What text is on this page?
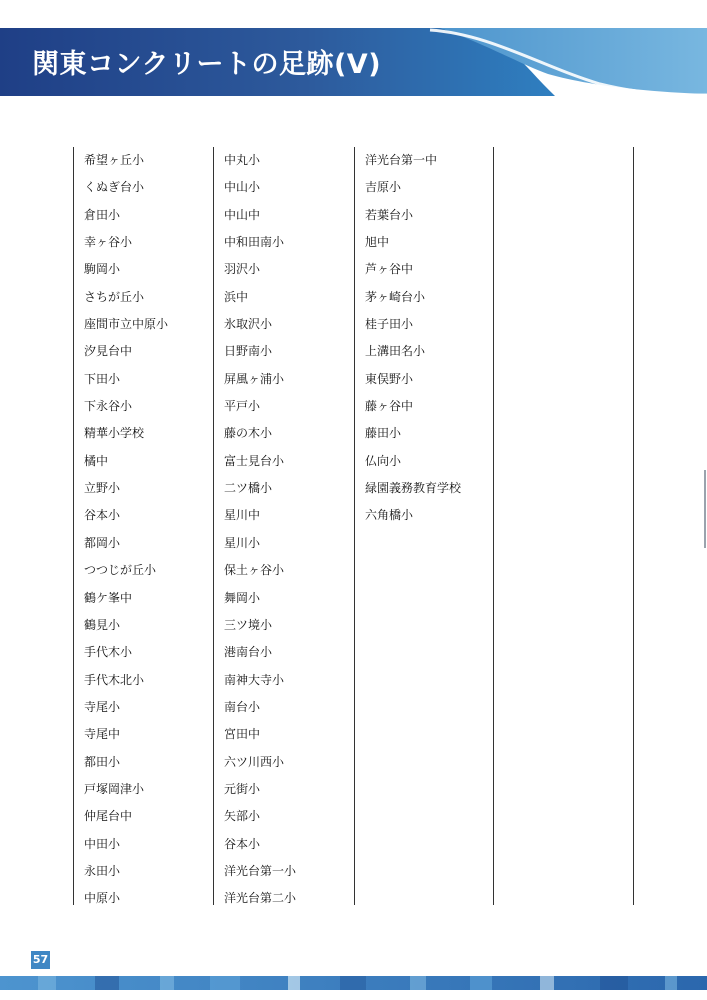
関東コンクリートの足跡(Ⅴ)
希望ヶ丘小
くぬぎ台小
倉田小
幸ヶ谷小
駒岡小
さちが丘小
座間市立中原小
汐見台中
下田小
下永谷小
精華小学校
橘中
立野小
谷本小
都岡小
つつじが丘小
鶴ケ峯中
鶴見小
手代木小
手代木北小
寺尾小
寺尾中
都田小
戸塚岡津小
仲尾台中
中田小
永田小
中原小
中丸小
中山小
中山中
中和田南小
羽沢小
浜中
氷取沢小
日野南小
屏風ヶ浦小
平戸小
藤の木小
富士見台小
二ツ橋小
星川中
星川小
保土ヶ谷小
舞岡小
三ツ境小
港南台小
南神大寺小
南台小
宮田中
六ツ川西小
元街小
矢部小
谷本小
洋光台第一小
洋光台第二小
洋光台第一中
吉原小
若葉台小
旭中
芦ヶ谷中
茅ヶ崎台小
桂子田小
上溝田名小
東俣野小
藤ヶ谷中
藤田小
仏向小
緑園義務教育学校
六角橋小
57
